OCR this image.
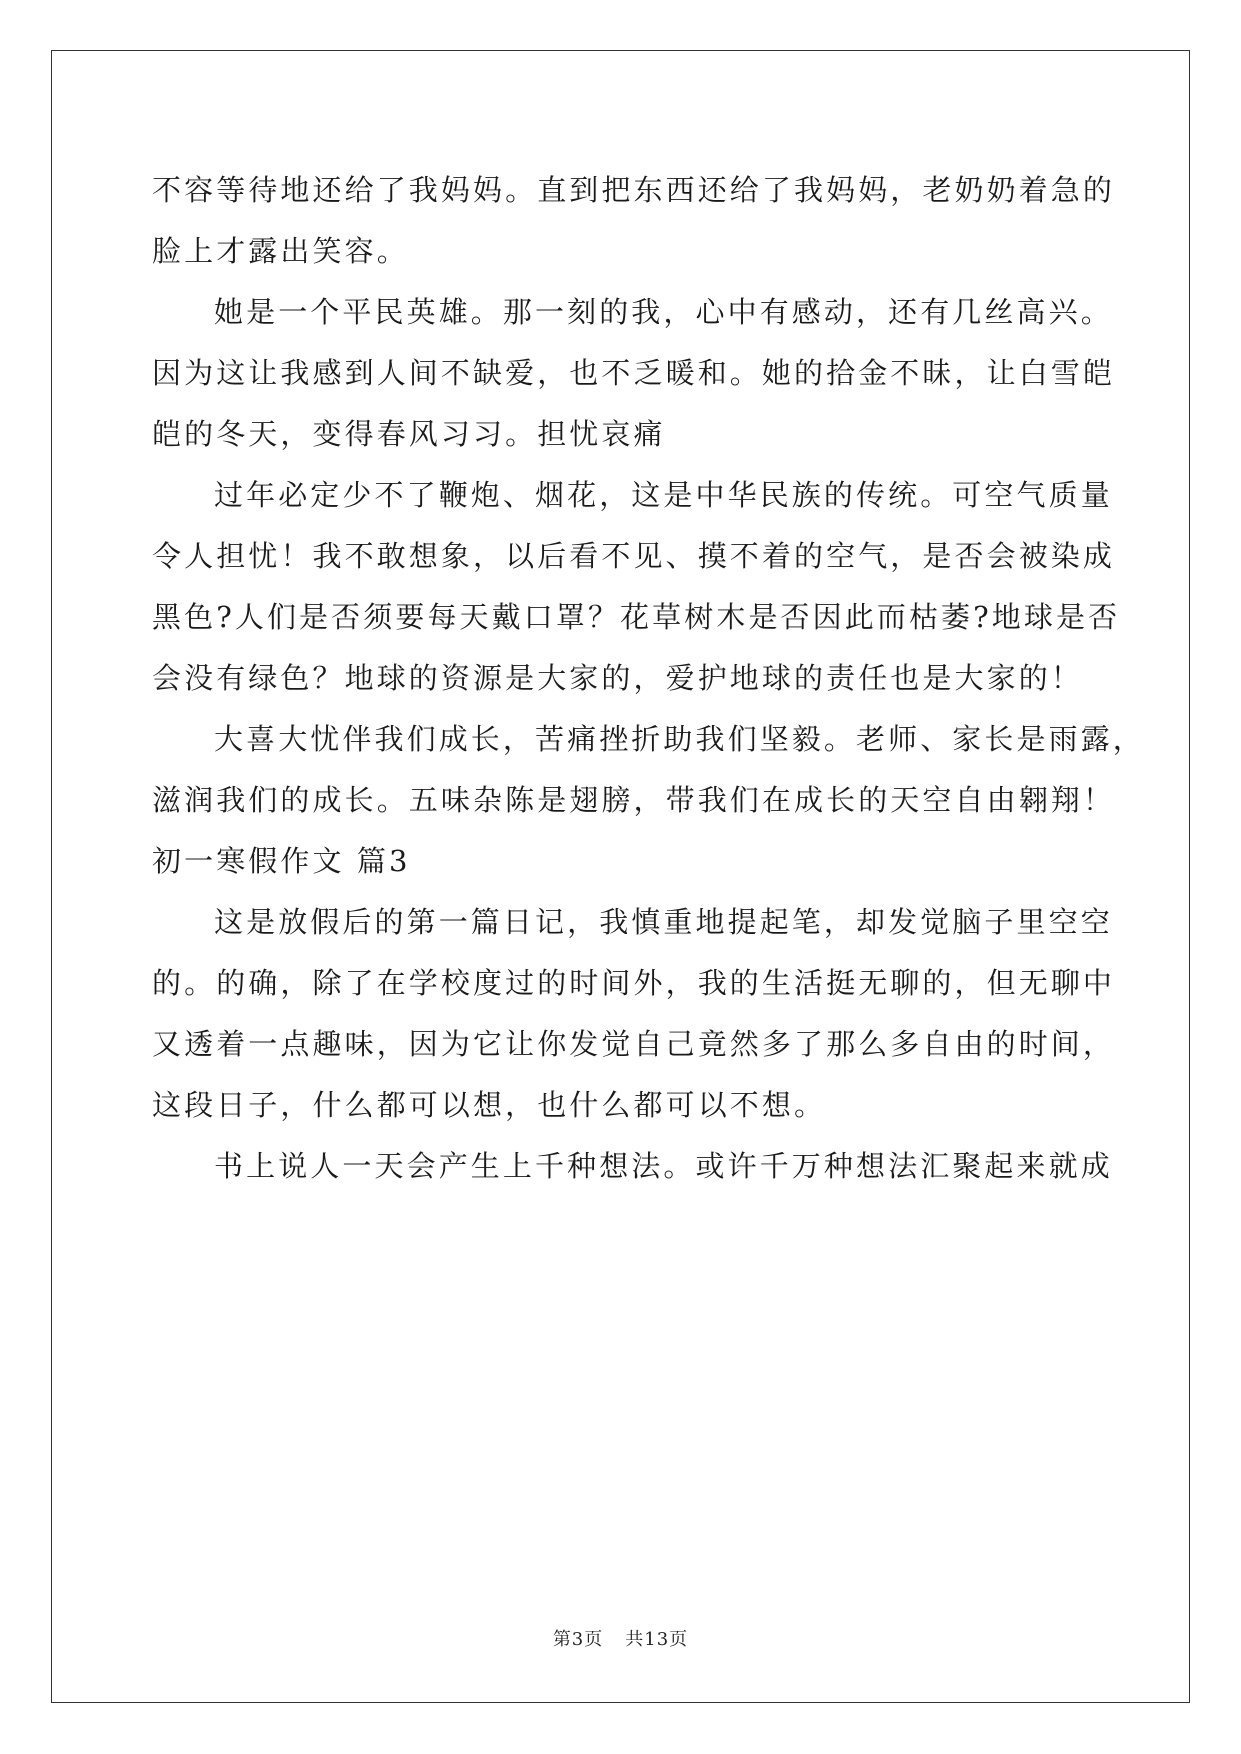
不容等待地还给了我妈妈。直到把东西还给了我妈妈，老奶奶着急的
脸上才露出笑容。
她是一个平民英雄。那一刻的我，心中有感动，还有几丝高兴。
因为这让我感到人间不缺爱，也不乏暖和。她的拾金不昧，让白雪皑
皑的冬天，变得春风习习。担忧哀痛
过年必定少不了鞭炮、烟花，这是中华民族的传统。可空气质量
令人担忧！我不敢想象，以后看不见、摸不着的空气，是否会被染成
黑色?人们是否须要每天戴口罩？花草树木是否因此而枯萎?地球是否
会没有绿色？地球的资源是大家的，爱护地球的责任也是大家的！
大喜大忧伴我们成长，苦痛挫折助我们坚毅。老师、家长是雨露，
滋润我们的成长。五味杂陈是翅膀，带我们在成长的天空自由翱翔！
初一寒假作文 篇3
这是放假后的第一篇日记，我慎重地提起笔，却发觉脑子里空空
的。的确，除了在学校度过的时间外，我的生活挺无聊的，但无聊中
又透着一点趣味，因为它让你发觉自己竟然多了那么多自由的时间，
这段日子，什么都可以想，也什么都可以不想。
书上说人一天会产生上千种想法。或许千万种想法汇聚起来就成
第3页 共13页
